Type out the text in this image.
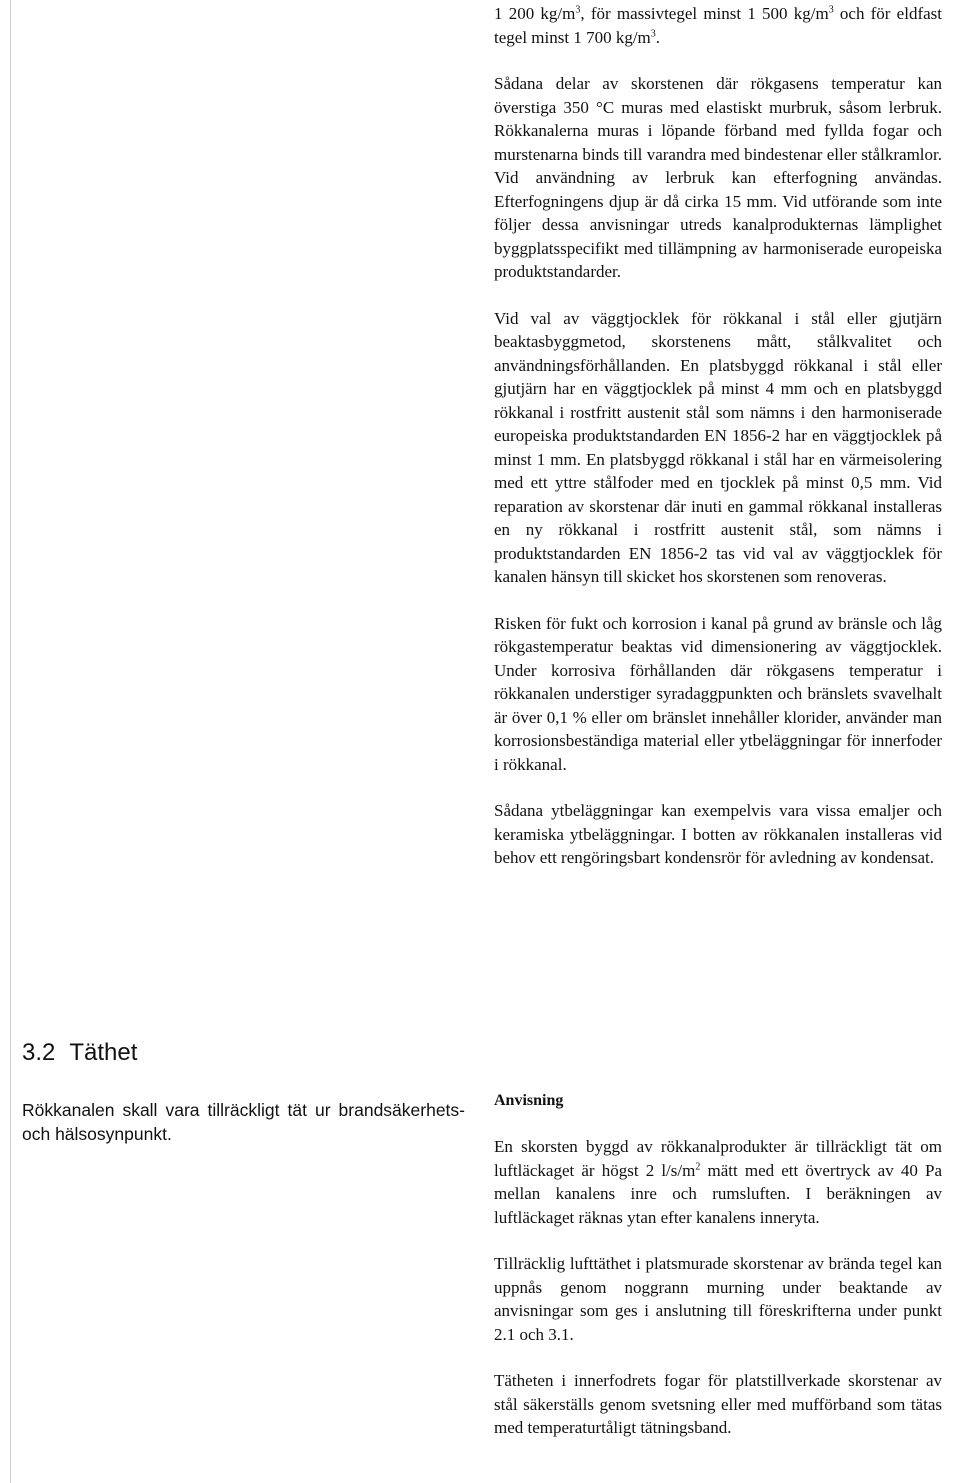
1 200 $kg/m^3$, för massivtegel minst 1 500 $kg/m^3$ och för eldfast tegel minst 1 700 $kg/m^3$.

Sådana delar av skorstenen där rökgasens temperatur kan överstiga 350 °C muras med elastiskt murbruk, såsom lerbruk. Rökkanalerna muras i löpande förband med fyllda fogar och murstenarna binds till varandra med bindestenar eller stålkramlor. Vid användning av lerbruk kan efterfogning användas. Efterfogningens djup är då cirka 15 mm. Vid utförande som inte följer dessa anvisningar utreds kanalprodukternas lämplighet byggplatsspecifikt med tillämpning av harmoniserade europeiska produktstandarder.

Vid val av väggtjocklek för rökkanal i stål eller gjutjärn beaktasbyggmetod, skorstenens mått, stålkvalitet och användningsförhållanden. En platsbyggd rökkanal i stål eller gjutjärn har en väggtjocklek på minst 4 mm och en platsbyggd rökkanal i rostfritt austenit stål som nämns i den harmoniserade europeiska produktstandarden EN 1856-2 har en väggtjocklek på minst 1 mm. En platsbyggd rökkanal i stål har en värmeisolering med ett yttre stålfoder med en tjocklek på minst 0,5 mm. Vid reparation av skorstenar där inuti en gammal rökkanal installeras en ny rökkanal i rostfritt austenit stål, som nämns i produktstandarden EN 1856-2 tas vid val av väggtjocklek för kanalen hänsyn till skicket hos skorstenen som renoveras.

Risken för fukt och korrosion i kanal på grund av bränsle och låg rökgastemperatur beaktas vid dimensionering av väggtjocklek. Under korrosiva förhållanden där rökgasens temperatur i rökkanalen understiger syradaggpunkten och bränslets svavelhalt är över 0,1 % eller om bränslet innehåller klorider, använder man korrosionsbeständiga material eller ytbeläggningar för innerfoder i rökkanal.

Sådana ytbeläggningar kan exempelvis vara vissa emaljer och keramiska ytbeläggningar. I botten av rökkanalen installeras vid behov ett rengöringsbart kondensrör för avledning av kondensat.

3.2 Täthet

Rökkanalen skall vara tillräckligt tät ur brandsäkerhets- och hälsosynpunkt.

Anvisning

En skorsten byggd av rökkanalprodukter är tillräckligt tät om luftläckaget är högst 2 $l/s/m^2$ mätt med ett övertryck av 40 Pa mellan kanalens inre och rumsluften. I beräkningen av luftläckaget räknas ytan efter kanalens inneryta.

Tillräcklig lufttäthet i platsmurade skorstenar av brända tegel kan uppnås genom noggrann murning under beaktande av anvisningar som ges i anslutning till föreskrifterna under punkt 2.1 och 3.1.

Tätheten i innerfodrets fogar för platstillverkade skorstenar av stål säkerställs genom svetsning eller med mufförband som tätas med temperaturtåligt tätningsband.
